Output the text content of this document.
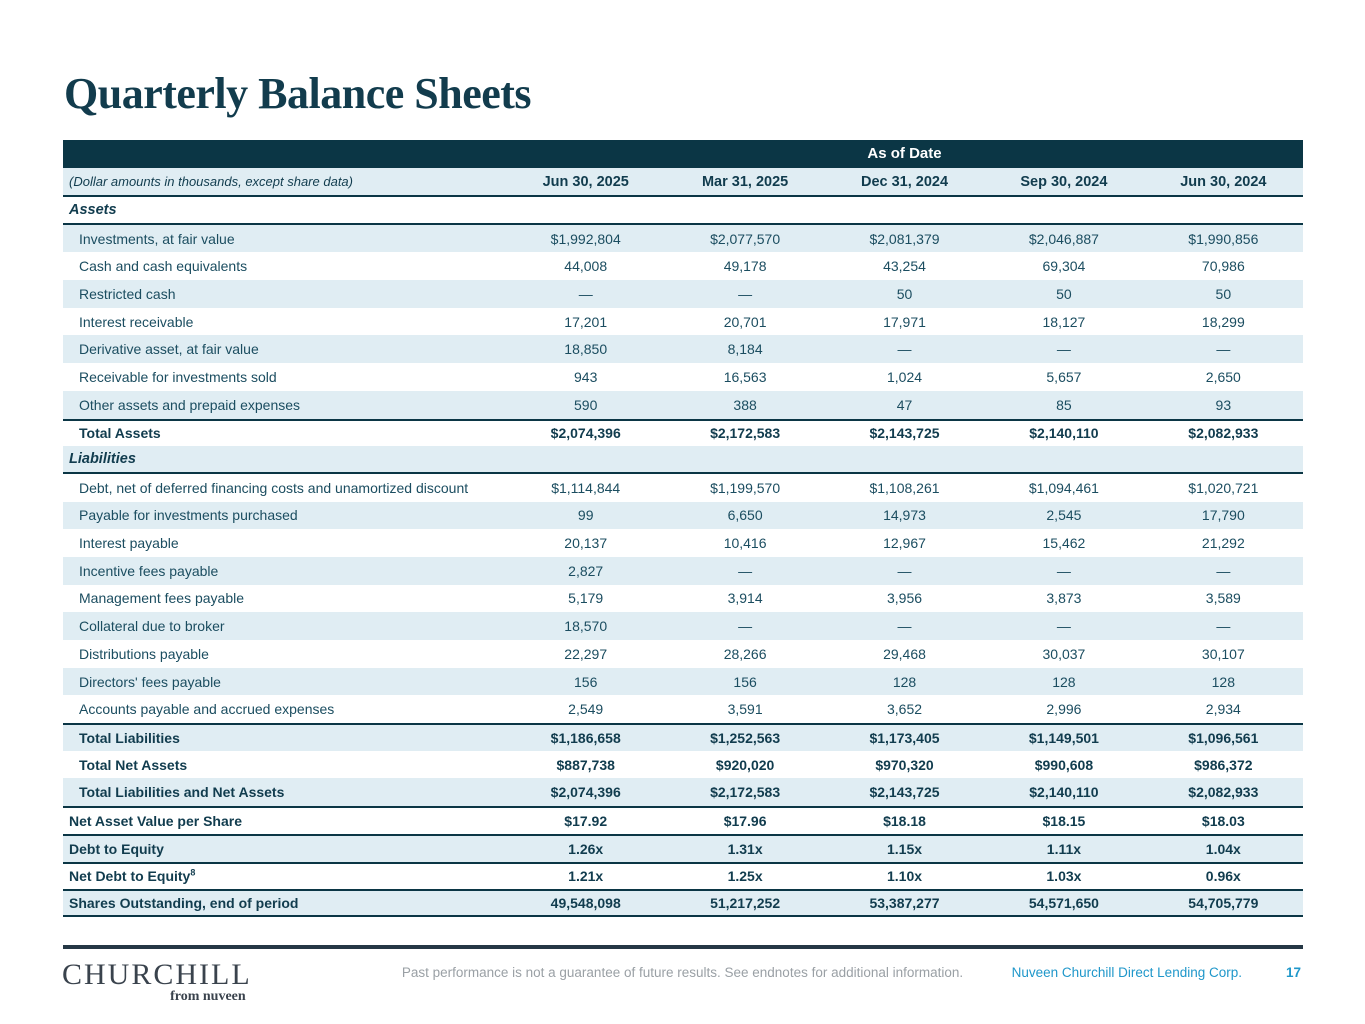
Quarterly Balance Sheets
As of Date
(Dollar amounts in thousands, except share data)	Jun 30, 2025	Mar 31, 2025	Dec 31, 2024	Sep 30, 2024	Jun 30, 2024
Assets
Investments, at fair value	$1,992,804	$2,077,570	$2,081,379	$2,046,887	$1,990,856
Cash and cash equivalents	44,008	49,178	43,254	69,304	70,986
Restricted cash	—	—	50	50	50
Interest receivable	17,201	20,701	17,971	18,127	18,299
Derivative asset, at fair value	18,850	8,184	—	—	—
Receivable for investments sold	943	16,563	1,024	5,657	2,650
Other assets and prepaid expenses	590	388	47	85	93
Total Assets	$2,074,396	$2,172,583	$2,143,725	$2,140,110	$2,082,933
Liabilities
Debt, net of deferred financing costs and unamortized discount	$1,114,844	$1,199,570	$1,108,261	$1,094,461	$1,020,721
Payable for investments purchased	99	6,650	14,973	2,545	17,790
Interest payable	20,137	10,416	12,967	15,462	21,292
Incentive fees payable	2,827	—	—	—	—
Management fees payable	5,179	3,914	3,956	3,873	3,589
Collateral due to broker	18,570	—	—	—	—
Distributions payable	22,297	28,266	29,468	30,037	30,107
Directors' fees payable	156	156	128	128	128
Accounts payable and accrued expenses	2,549	3,591	3,652	2,996	2,934
Total Liabilities	$1,186,658	$1,252,563	$1,173,405	$1,149,501	$1,096,561
Total Net Assets	$887,738	$920,020	$970,320	$990,608	$986,372
Total Liabilities and Net Assets	$2,074,396	$2,172,583	$2,143,725	$2,140,110	$2,082,933
Net Asset Value per Share	$17.92	$17.96	$18.18	$18.15	$18.03
Debt to Equity	1.26x	1.31x	1.15x	1.11x	1.04x
Net Debt to Equity$^8$	1.21x	1.25x	1.10x	1.03x	0.96x
Shares Outstanding, end of period	49,548,098	51,217,252	53,387,277	54,571,650	54,705,779
CHURCHILL
from nuveen
Past performance is not a guarantee of future results. See endnotes for additional information.	Nuveen Churchill Direct Lending Corp.	17
